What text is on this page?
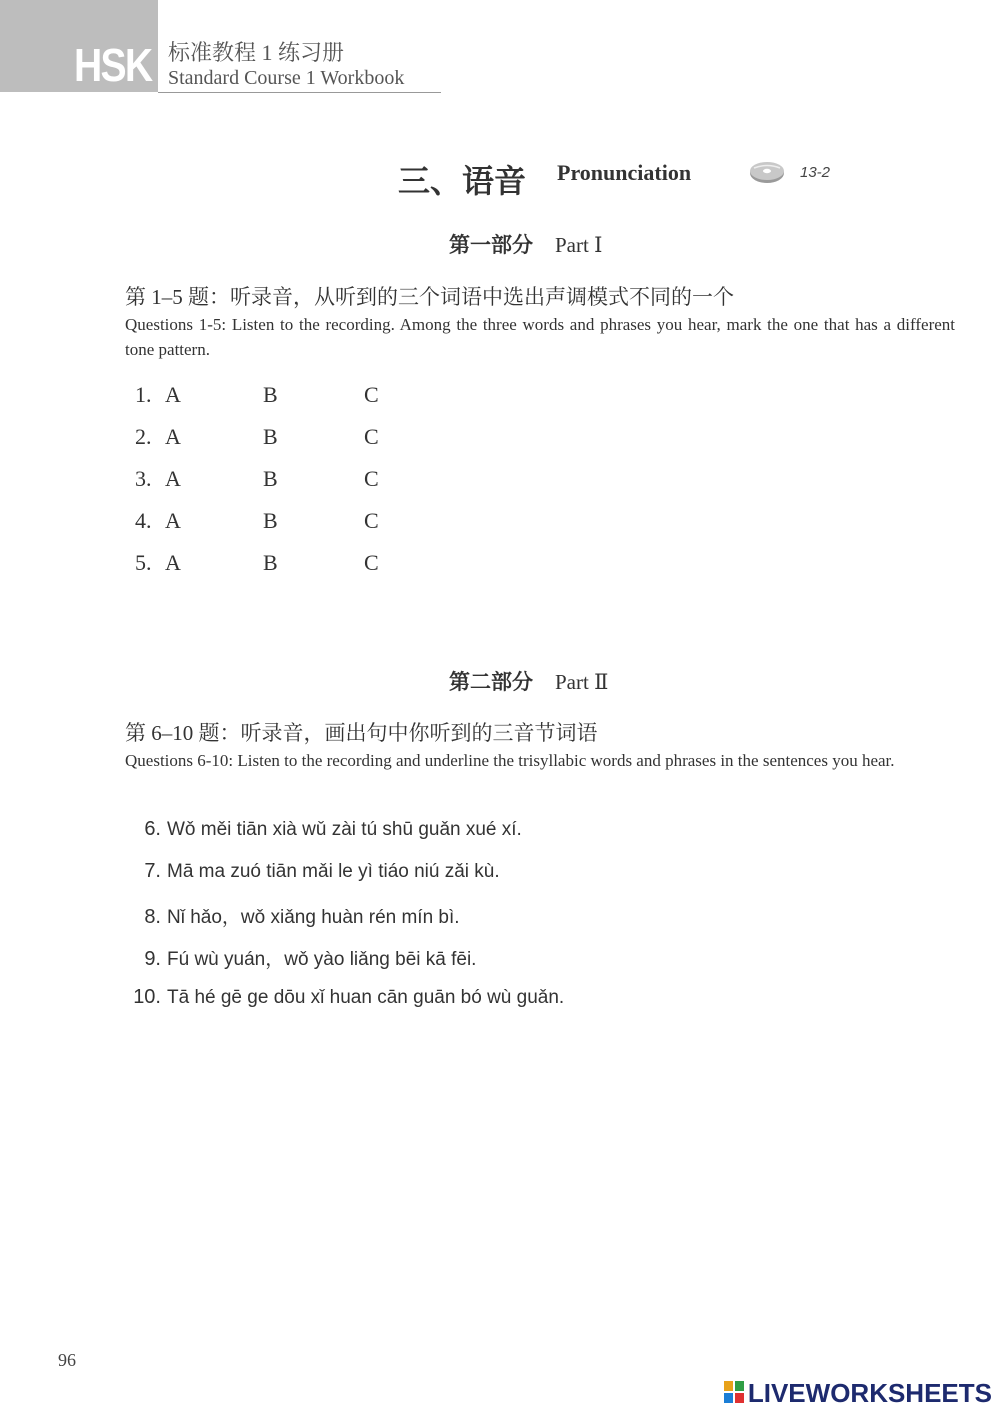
HSK 标准教程 1 练习册
Standard Course 1 Workbook
三、语音 Pronunciation	13-2
第一部分 Part Ⅰ
第 1–5 题：听录音，从听到的三个词语中选出声调模式不同的一个
Questions 1-5: Listen to the recording. Among the three words and phrases you hear, mark the one that has a different tone pattern.
1. A	B	C
2. A	B	C
3. A	B	C
4. A	B	C
5. A	B	C
第二部分 Part Ⅱ
第 6–10 题：听录音，画出句中你听到的三音节词语
Questions 6-10: Listen to the recording and underline the trisyllabic words and phrases in the sentences you hear.
6. Wǒ měi tiān xià wǔ zài tú shū guǎn xué xí.
7. Mā ma zuó tiān mǎi le yì tiáo niú zǎi kù.
8. Nǐ hǎo，wǒ xiǎng huàn rén mín bì.
9. Fú wù yuán，wǒ yào liǎng bēi kā fēi.
10. Tā hé gē ge dōu xǐ huan cān guān bó wù guǎn.
96
LIVEWORKSHEETS
